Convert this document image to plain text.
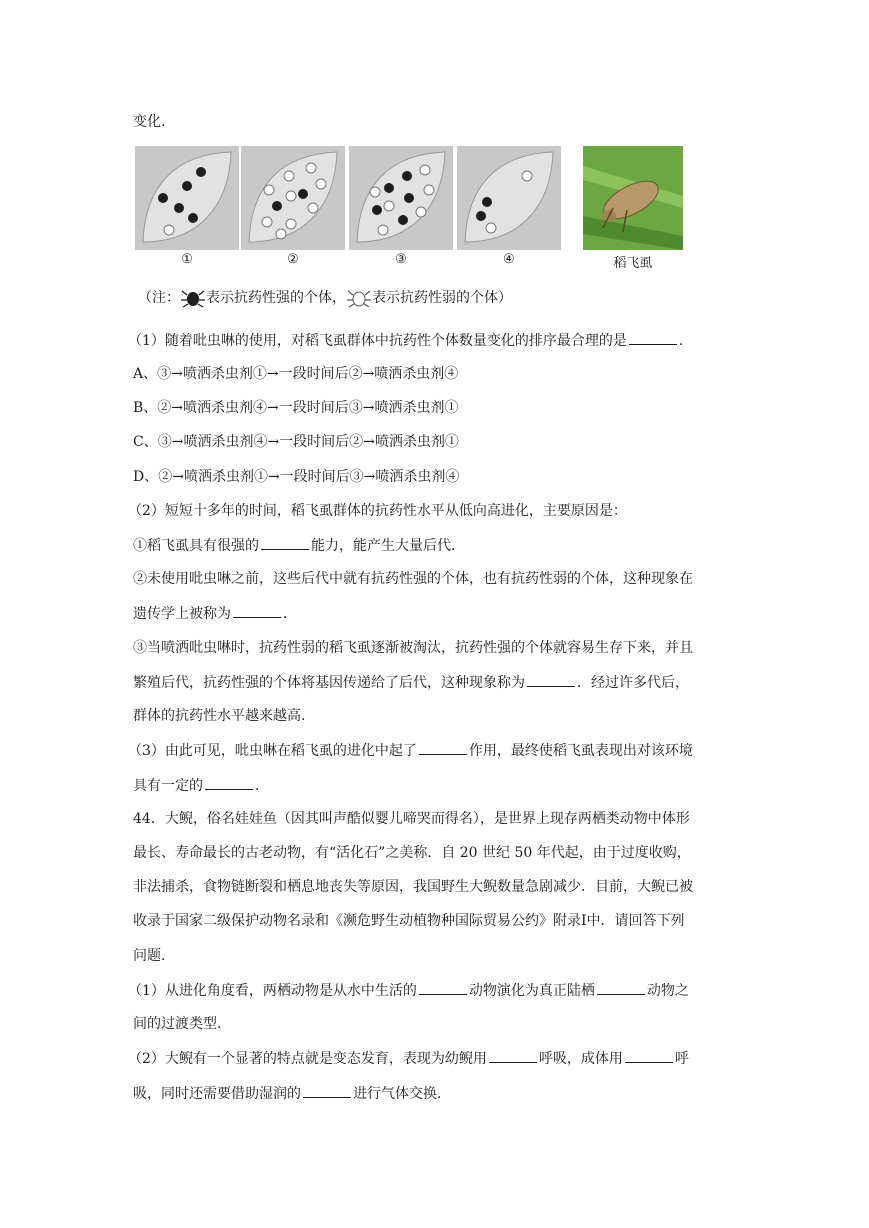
变化.
①	②	③	④	稻飞虱
（注： 表示抗药性强的个体， 表示抗药性弱的个体）
（1）随着吡虫啉的使用，对稻飞虱群体中抗药性个体数量变化的排序最合理的是	．
A、③→喷洒杀虫剂①→一段时间后②→喷洒杀虫剂④
B、②→喷洒杀虫剂④→一段时间后③→喷洒杀虫剂①
C、③→喷洒杀虫剂④→一段时间后②→喷洒杀虫剂①
D、②→喷洒杀虫剂①→一段时间后③→喷洒杀虫剂④
（2）短短十多年的时间，稻飞虱群体的抗药性水平从低向高进化，主要原因是：
①稻飞虱具有很强的	能力，能产生大量后代．
②未使用吡虫啉之前，这些后代中就有抗药性强的个体，也有抗药性弱的个体，这种现象在
遗传学上被称为	．
③当喷洒吡虫啉时，抗药性弱的稻飞虱逐渐被淘汰，抗药性强的个体就容易生存下来，并且
繁殖后代，抗药性强的个体将基因传递给了后代，这种现象称为	．经过许多代后，
群体的抗药性水平越来越高.
（3）由此可见，吡虫啉在稻飞虱的进化中起了	作用，最终使稻飞虱表现出对该环境
具有一定的	．
44．大鲵，俗名娃娃鱼（因其叫声酷似婴儿啼哭而得名），是世界上现存两栖类动物中体形
最长、寿命最长的古老动物，有“活化石”之美称．自 20 世纪 50 年代起，由于过度收购，
非法捕杀，食物链断裂和栖息地丧失等原因，我国野生大鲵数量急剧减少．目前，大鲵已被
收录于国家二级保护动物名录和《濒危野生动植物种国际贸易公约》附录Ⅰ中．请回答下列
问题．
（1）从进化角度看，两栖动物是从水中生活的	动物演化为真正陆栖	动物之
间的过渡类型．
（2）大鲵有一个显著的特点就是变态发育，表现为幼鲵用	呼吸，成体用	呼
吸，同时还需要借助湿润的	进行气体交换．
